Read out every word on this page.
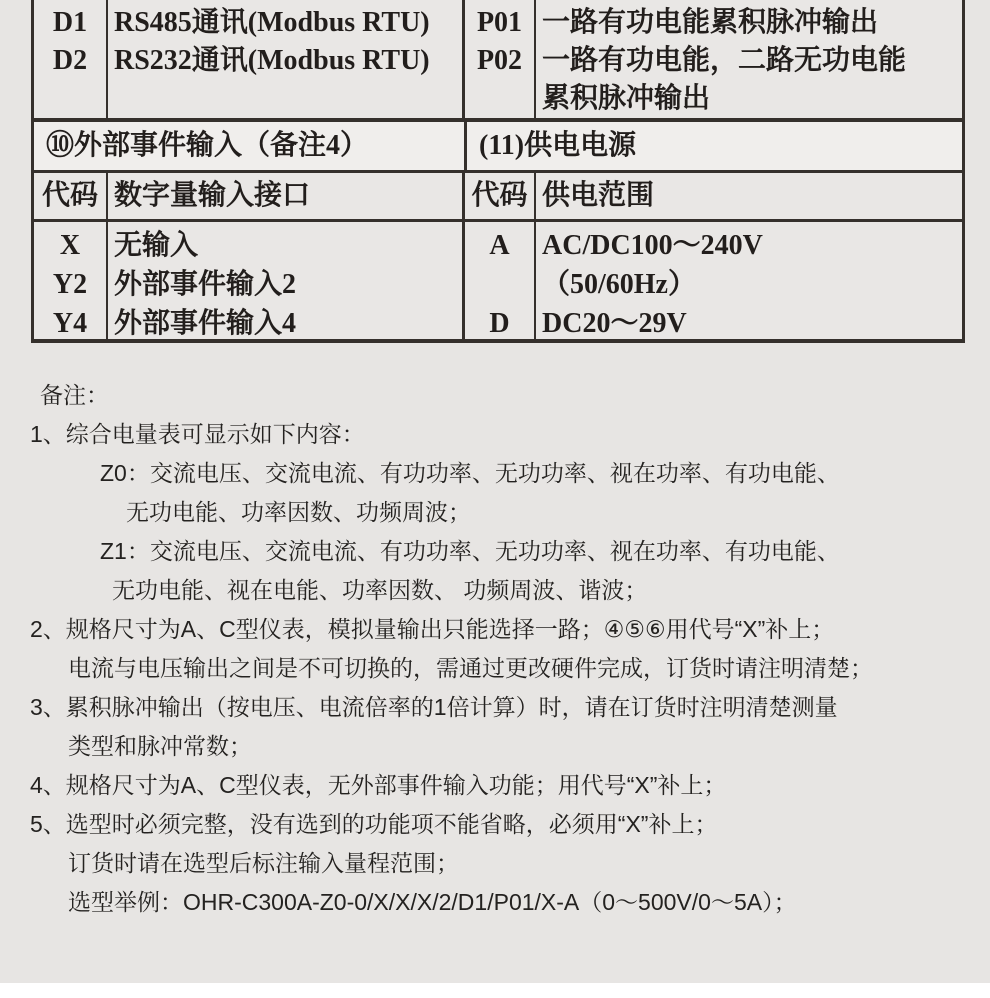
D1
D2
RS485通讯(Modbus RTU)
RS232通讯(Modbus RTU)
P01
P02
一路有功电能累积脉冲输出
一路有功电能，二路无功电能
累积脉冲输出
⑩外部事件输入（备注4）	(11)供电电源
代码 数字量输入接口	代码 供电范围
X
Y2
Y4
无输入
外部事件输入2
外部事件输入4
A
D
AC/DC100～240V
（50/60Hz）
DC20～29V
备注：
1、综合电量表可显示如下内容：
Z0：交流电压、交流电流、有功功率、无功功率、视在功率、有功电能、
无功电能、功率因数、功频周波；
Z1：交流电压、交流电流、有功功率、无功功率、视在功率、有功电能、
无功电能、视在电能、功率因数、 功频周波、谐波；
2、规格尺寸为A、C型仪表，模拟量输出只能选择一路；④⑤⑥用代号“X”补上；
电流与电压输出之间是不可切换的，需通过更改硬件完成，订货时请注明清楚；
3、累积脉冲输出（按电压、电流倍率的1倍计算）时，请在订货时注明清楚测量
类型和脉冲常数；
4、规格尺寸为A、C型仪表，无外部事件输入功能；用代号“X”补上；
5、选型时必须完整，没有选到的功能项不能省略，必须用“X”补上；
订货时请在选型后标注输入量程范围；
选型举例：OHR-C300A-Z0-0/X/X/X/2/D1/P01/X-A（0～500V/0～5A）；
